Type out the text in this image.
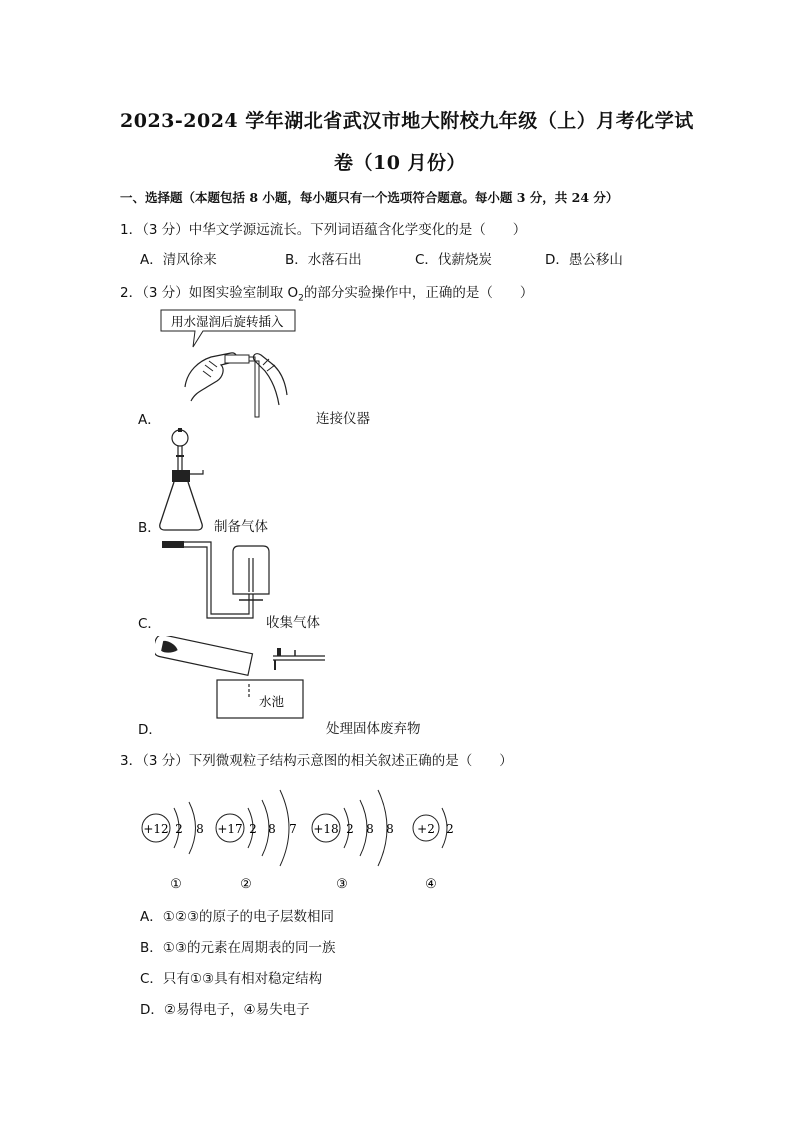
2023-2024 学年湖北省武汉市地大附校九年级（上）月考化学试
卷（10 月份）
一、选择题（本题包括 8 小题，每小题只有一个选项符合题意。每小题 3 分，共 24 分）
1．（3 分）中华文学源远流长。下列词语蕴含化学变化的是（　　）
A．清风徐来	B．水落石出	C．伐薪烧炭	D．愚公移山
2．（3 分）如图实验室制取 $O_2$的部分实验操作中，正确的是（　　）
用水湿润后旋转插入
A．	连接仪器
B．	制备气体
C．	收集气体
水池
D．	处理固体废弃物
3．（3 分）下列微观粒子结构示意图的相关叙述正确的是（　　）
+12 2 8
①
+17 2 8 7
②
+18 2 8 8
③
+2 2
④
A．①②③的原子的电子层数相同
B．①③的元素在周期表的同一族
C．只有①③具有相对稳定结构
D．②易得电子，④易失电子
